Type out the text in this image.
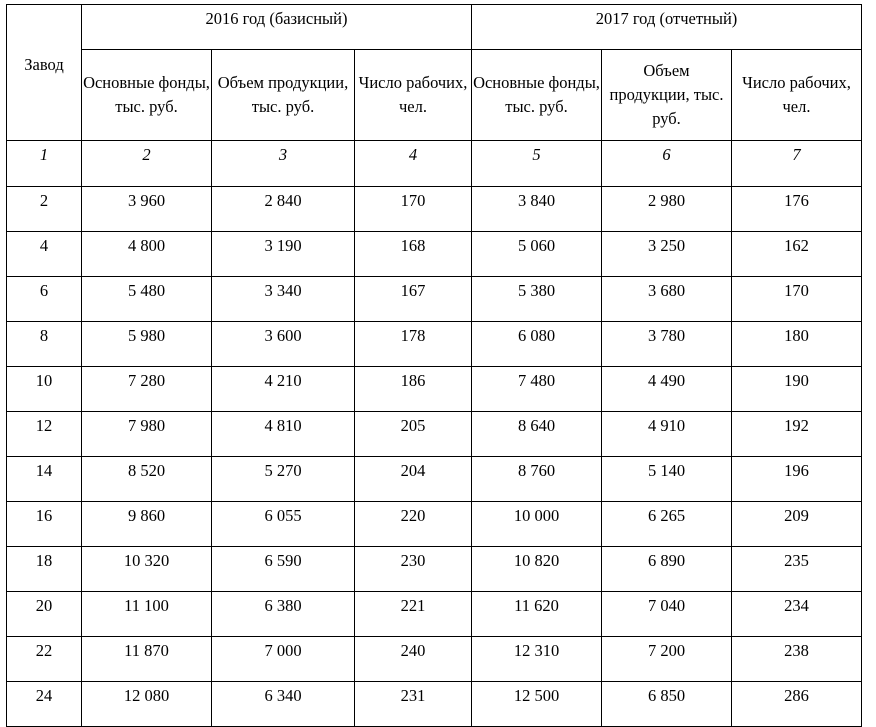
Завод	2016 год (базисный)			2017 год (отчетный)		
	Основные фонды, тыс. руб.	Объем продукции, тыс. руб.	Число рабочих, чел.	Основные фонды, тыс. руб.	Объем продукции, тыс. руб.	Число рабочих, чел.
1	2	3	4	5	6	7
2	3 960	2 840	170	3 840	2 980	176
4	4 800	3 190	168	5 060	3 250	162
6	5 480	3 340	167	5 380	3 680	170
8	5 980	3 600	178	6 080	3 780	180
10	7 280	4 210	186	7 480	4 490	190
12	7 980	4 810	205	8 640	4 910	192
14	8 520	5 270	204	8 760	5 140	196
16	9 860	6 055	220	10 000	6 265	209
18	10 320	6 590	230	10 820	6 890	235
20	11 100	6 380	221	11 620	7 040	234
22	11 870	7 000	240	12 310	7 200	238
24	12 080	6 340	231	12 500	6 850	286
